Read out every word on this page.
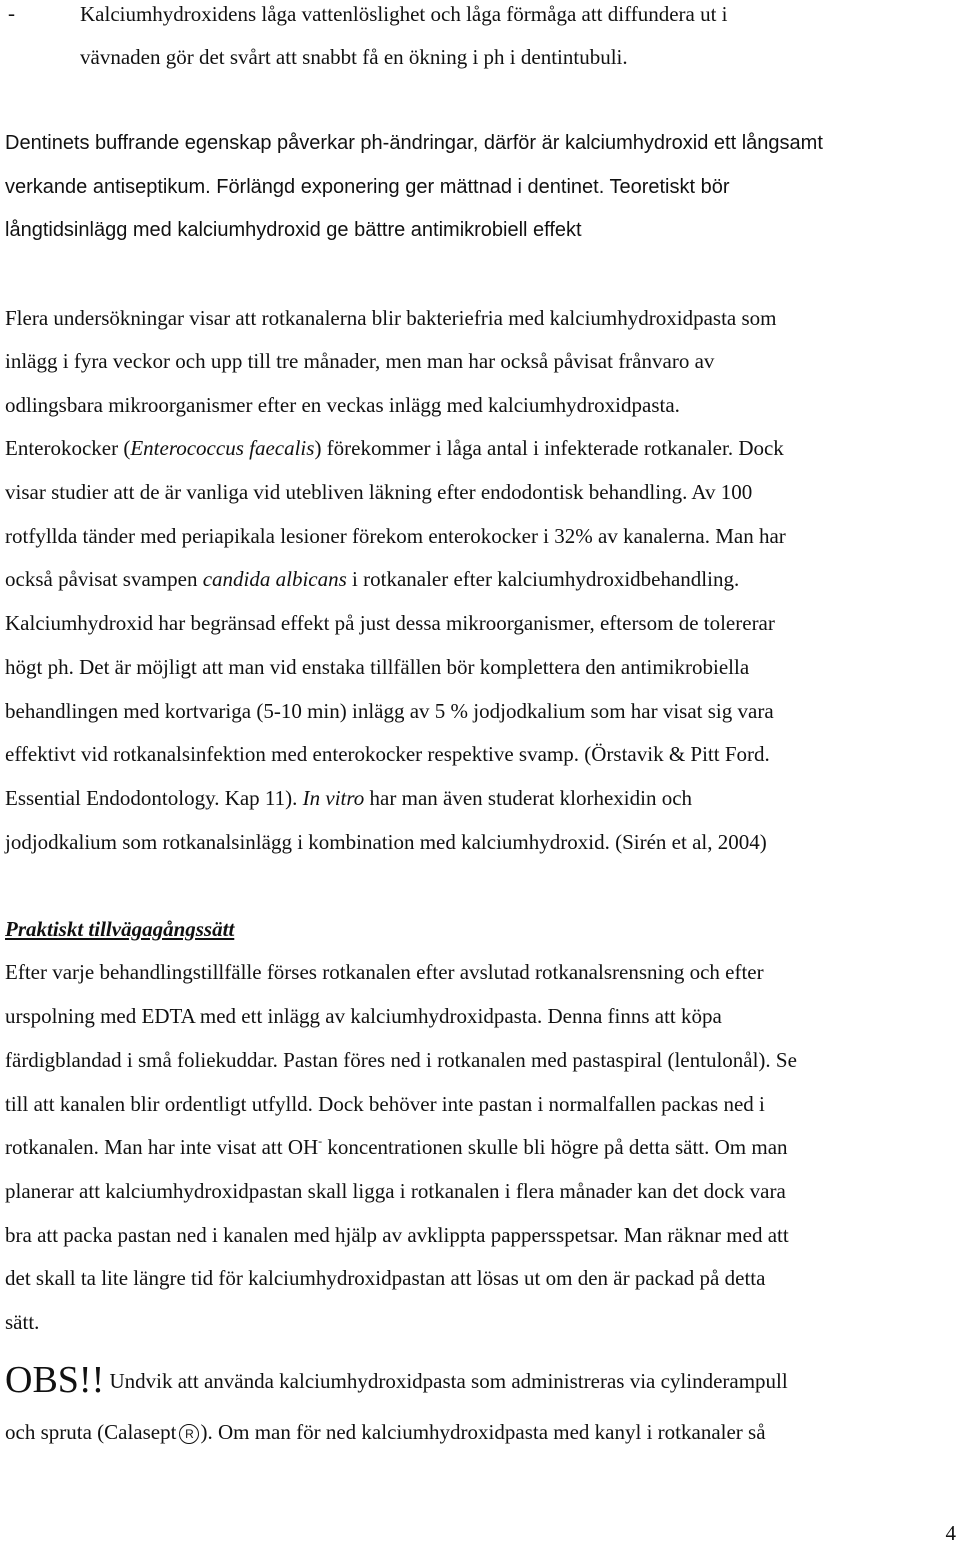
-	Kalciumhydroxidens låga vattenlöslighet och låga förmåga att diffundera ut i
vävnaden gör det svårt att snabbt få en ökning i ph i dentintubuli.
Dentinets buffrande egenskap påverkar ph-ändringar, därför är kalciumhydroxid ett långsamt
verkande antiseptikum. Förlängd exponering ger mättnad i dentinet. Teoretiskt bör
långtidsinlägg med kalciumhydroxid ge bättre antimikrobiell effekt
Flera undersökningar visar att rotkanalerna blir bakteriefria med kalciumhydroxidpasta som
inlägg i fyra veckor och upp till tre månader, men man har också påvisat frånvaro av
odlingsbara mikroorganismer efter en veckas inlägg med kalciumhydroxidpasta.
Enterokocker (Enterococcus faecalis) förekommer i låga antal i infekterade rotkanaler. Dock
visar studier att de är vanliga vid utebliven läkning efter endodontisk behandling. Av 100
rotfyllda tänder med periapikala lesioner förekom enterokocker i 32% av kanalerna. Man har
också påvisat svampen candida albicans i rotkanaler efter kalciumhydroxidbehandling.
Kalciumhydroxid har begränsad effekt på just dessa mikroorganismer, eftersom de tolererar
högt ph. Det är möjligt att man vid enstaka tillfällen bör komplettera den antimikrobiella
behandlingen med kortvariga (5-10 min) inlägg av 5 % jodjodkalium som har visat sig vara
effektivt vid rotkanalsinfektion med enterokocker respektive svamp. (Örstavik & Pitt Ford.
Essential Endodontology. Kap 11). In vitro har man även studerat klorhexidin och
jodjodkalium som rotkanalsinlägg i kombination med kalciumhydroxid. (Sirén et al, 2004)
Praktiskt tillvägagångssätt
Efter varje behandlingstillfälle förses rotkanalen efter avslutad rotkanalsrensning och efter
urspolning med EDTA med ett inlägg av kalciumhydroxidpasta. Denna finns att köpa
färdigblandad i små foliekuddar. Pastan föres ned i rotkanalen med pastaspiral (lentulonål). Se
till att kanalen blir ordentligt utfylld. Dock behöver inte pastan i normalfallen packas ned i
rotkanalen. Man har inte visat att OH- koncentrationen skulle bli högre på detta sätt. Om man
planerar att kalciumhydroxidpastan skall ligga i rotkanalen i flera månader kan det dock vara
bra att packa pastan ned i kanalen med hjälp av avklippta pappersspetsar. Man räknar med att
det skall ta lite längre tid för kalciumhydroxidpastan att lösas ut om den är packad på detta
sätt.
OBS!! Undvik att använda kalciumhydroxidpasta som administreras via cylinderampull
och spruta (Calasept R ). Om man för ned kalciumhydroxidpasta med kanyl i rotkanaler så
4
